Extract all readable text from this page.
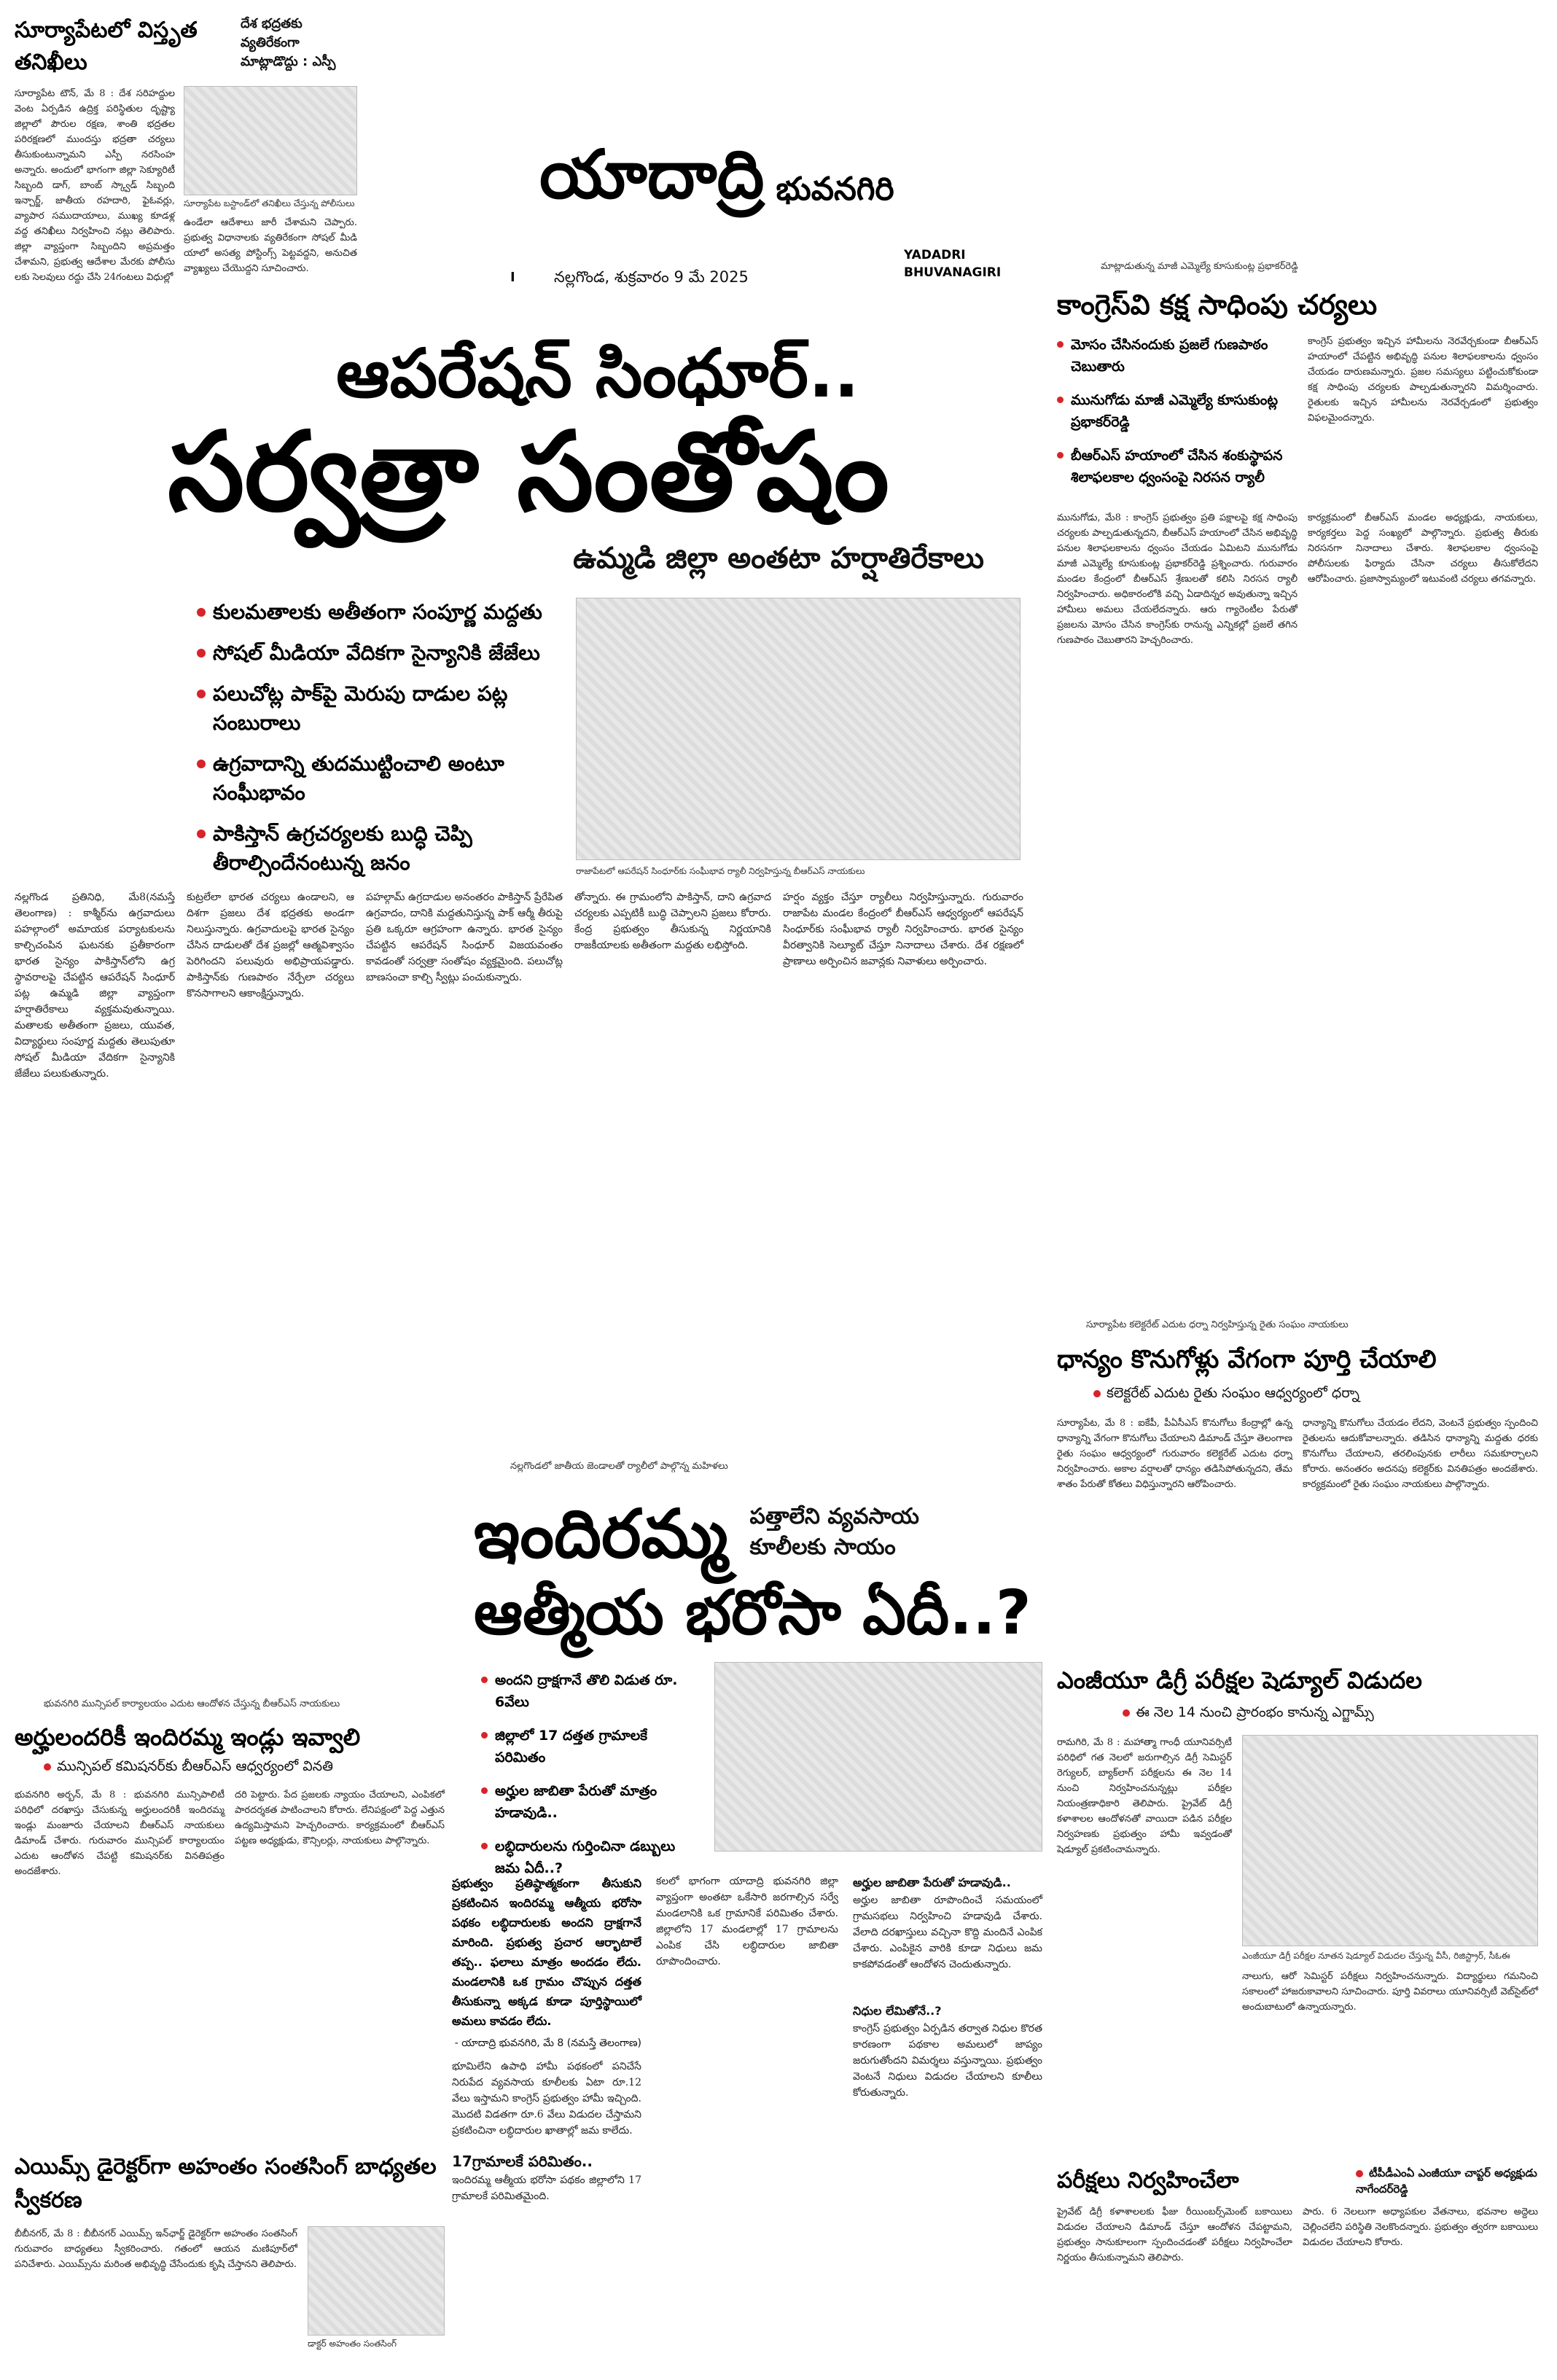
సూర్యాపేటలో విస్తృత తనిఖీలు
దేశ భద్రతకు వ్యతిరేకంగా మాట్లాడొద్దు : ఎస్పీ
సూర్యాపేట టౌన్, మే 8 : దేశ సరిహద్దుల వెంట ఏర్పడిన ఉద్రిక్త పరిస్థితుల దృష్ట్యా జిల్లాలో పౌరుల రక్షణ, శాంతి భద్రతల పరిరక్షణలో ముందస్తు భద్రతా చర్యలు తీసుకుంటున్నామని ఎస్పీ నరసింహ అన్నారు. అందులో భాగంగా జిల్లా సెక్యూరిటీ సిబ్బంది డాగ్, బాంబ్ స్క్వాడ్ సిబ్బంది ఇన్చార్జ్, జాతీయ రహదారి, ఫైఓవర్లు, వ్యాపార సముదాయాలు, ముఖ్య కూడళ్ల వద్ద తనిఖీలు నిర్వహించి నట్లు తెలిపారు. జిల్లా వ్యాప్తంగా సిబ్బందిని అప్రమత్తం చేశామని, ప్రభుత్వ ఆదేశాల మేరకు పోలీసు లకు సెలవులు రద్దు చేసి 24గంటలు విధుల్లో
సూర్యాపేట బస్టాండ్‌లో తనిఖీలు చేస్తున్న పోలీసులు
ఉండేలా ఆదేశాలు జారీ చేశామని చెప్పారు. ప్రభుత్వ విధానాలకు వ్యతిరేకంగా సోషల్ మీడి యాలో అసత్య పోస్టింగ్స్ పెట్టవద్దని, అనుచిత వ్యాఖ్యలు చేయొద్దని సూచించారు.
యాదాద్రి భువనగిరి
YADADRI BHUVANAGIRI
I	నల్లగొండ, శుక్రవారం 9 మే 2025
ఆపరేషన్ సింధూర్..
సర్వత్రా సంతోషం
ఉమ్మడి జిల్లా అంతటా హర్షాతిరేకాలు
కులమతాలకు అతీతంగా సంపూర్ణ మద్దతు
సోషల్ మీడియా వేదికగా సైన్యానికి జేజేలు
పలుచోట్ల పాక్‌పై మెరుపు దాడుల పట్ల సంబురాలు
ఉగ్రవాదాన్ని తుదముట్టించాలి అంటూ సంఘీభావం
పాకిస్తాన్ ఉగ్రచర్యలకు బుద్ధి చెప్పి తీరాల్సిందేనంటున్న జనం	రాజాపేటలో ఆపరేషన్ సింధూర్‌కు సంఘీభావ ర్యాలీ నిర్వహిస్తున్న బీఆర్ఎస్ నాయకులు
నల్లగొండ ప్రతినిధి, మే8(నమస్తే తెలంగాణ) : కాశ్మీర్‌ను ఉగ్రవాదులు పహల్గాంలో అమాయక పర్యాటకులను కాల్చిచంపిన ఘటనకు ప్రతీకారంగా భారత సైన్యం పాకిస్తాన్‌లోని ఉగ్ర స్థావరాలపై చేపట్టిన ఆపరేషన్ సింధూర్ పట్ల ఉమ్మడి జిల్లా వ్యాప్తంగా హర్షాతిరేకాలు వ్యక్తమవుతున్నాయి. మతాలకు అతీతంగా ప్రజలు, యువత, విద్యార్థులు సంపూర్ణ మద్దతు తెలుపుతూ సోషల్ మీడియా వేదికగా సైన్యానికి జేజేలు పలుకుతున్నారు.
కుట్రలేలా భారత చర్యలు ఉండాలని, ఆ దిశగా ప్రజలు దేశ భద్రతకు అండగా నిలుస్తున్నారు. ఉగ్రవాదులపై భారత సైన్యం చేసిన దాడులతో దేశ ప్రజల్లో ఆత్మవిశ్వాసం పెరిగిందని పలువురు అభిప్రాయపడ్డారు. పాకిస్తాన్‌కు గుణపాఠం నేర్పేలా చర్యలు కొనసాగాలని ఆకాంక్షిస్తున్నారు.
పహల్గామ్ ఉగ్రదాడుల అనంతరం పాకిస్తాన్ ప్రేరేపిత ఉగ్రవాదం, దానికి మద్దతునిస్తున్న పాక్ ఆర్మీ తీరుపై ప్రతి ఒక్కరూ ఆగ్రహంగా ఉన్నారు. భారత సైన్యం చేపట్టిన ఆపరేషన్ సింధూర్ విజయవంతం కావడంతో సర్వత్రా సంతోషం వ్యక్తమైంది. పలుచోట్ల బాణసంచా కాల్చి స్వీట్లు పంచుకున్నారు.
తోన్నారు. ఈ గ్రామంలోని పాకిస్తాన్, దాని ఉగ్రవాద చర్యలకు ఎప్పటికీ బుద్ధి చెప్పాలని ప్రజలు కోరారు. కేంద్ర ప్రభుత్వం తీసుకున్న నిర్ణయానికి రాజకీయాలకు అతీతంగా మద్దతు లభిస్తోంది.
హర్షం వ్యక్తం చేస్తూ ర్యాలీలు నిర్వహిస్తున్నారు. గురువారం రాజాపేట మండల కేంద్రంలో బీఆర్ఎస్ ఆధ్వర్యంలో ఆపరేషన్ సింధూర్‌కు సంఘీభావ ర్యాలీ నిర్వహించారు. భారత సైన్యం వీరత్వానికి సెల్యూట్ చేస్తూ నినాదాలు చేశారు. దేశ రక్షణలో ప్రాణాలు అర్పించిన జవాన్లకు నివాళులు అర్పించారు.
మాట్లాడుతున్న మాజీ ఎమ్మెల్యే కూసుకుంట్ల ప్రభాకర్‌రెడ్డి
కాంగ్రెస్‌వి కక్ష సాధింపు చర్యలు
మోసం చేసినందుకు ప్రజలే గుణపాఠం చెబుతారు
మునుగోడు మాజీ ఎమ్మెల్యే కూసుకుంట్ల ప్రభాకర్‌రెడ్డి
బీఆర్ఎస్ హయాంలో చేసిన శంకుస్థాపన శిలాఫలకాల ధ్వంసంపై నిరసన ర్యాలీ
కాంగ్రెస్ ప్రభుత్వం ఇచ్చిన హామీలను నెరవేర్చకుండా బీఆర్ఎస్ హయాంలో చేపట్టిన అభివృద్ధి పనుల శిలాఫలకాలను ధ్వంసం చేయడం దారుణమన్నారు. ప్రజల సమస్యలు పట్టించుకోకుండా కక్ష సాధింపు చర్యలకు పాల్పడుతున్నారని విమర్శించారు. రైతులకు ఇచ్చిన హామీలను నెరవేర్చడంలో ప్రభుత్వం విఫలమైందన్నారు.
మునుగోడు, మే8 : కాంగ్రెస్ ప్రభుత్వం ప్రతి పక్షాలపై కక్ష సాధింపు చర్యలకు పాల్పడుతున్నదని, బీఆర్ఎస్ హయాంలో చేసిన అభివృద్ధి పనుల శిలాఫలకాలను ధ్వంసం చేయడం ఏమిటని మునుగోడు మాజీ ఎమ్మెల్యే కూసుకుంట్ల ప్రభాకర్‌రెడ్డి ప్రశ్నించారు. గురువారం మండల కేంద్రంలో బీఆర్ఎస్ శ్రేణులతో కలిసి నిరసన ర్యాలీ నిర్వహించారు. అధికారంలోకి వచ్చి ఏడాదిన్నర అవుతున్నా ఇచ్చిన హామీలు అమలు చేయలేదన్నారు. ఆరు గ్యారెంటీల పేరుతో ప్రజలను మోసం చేసిన కాంగ్రెస్‌కు రానున్న ఎన్నికల్లో ప్రజలే తగిన గుణపాఠం చెబుతారని హెచ్చరించారు.
కార్యక్రమంలో బీఆర్ఎస్ మండల అధ్యక్షుడు, నాయకులు, కార్యకర్తలు పెద్ద సంఖ్యలో పాల్గొన్నారు. ప్రభుత్వ తీరుకు నిరసనగా నినాదాలు చేశారు. శిలాఫలకాల ధ్వంసంపై పోలీసులకు ఫిర్యాదు చేసినా చర్యలు తీసుకోలేదని ఆరోపించారు. ప్రజాస్వామ్యంలో ఇటువంటి చర్యలు తగవన్నారు.
సూర్యాపేట కలెక్టరేట్ ఎదుట ధర్నా నిర్వహిస్తున్న రైతు సంఘం నాయకులు
ధాన్యం కొనుగోళ్లు వేగంగా పూర్తి చేయాలి
కలెక్టరేట్ ఎదుట రైతు సంఘం ఆధ్వర్యంలో ధర్నా
సూర్యాపేట, మే 8 : ఐకేపీ, పీఏసీఎస్ కొనుగోలు కేంద్రాల్లో ఉన్న ధాన్యాన్ని వేగంగా కొనుగోలు చేయాలని డిమాండ్ చేస్తూ తెలంగాణ రైతు సంఘం ఆధ్వర్యంలో గురువారం కలెక్టరేట్ ఎదుట ధర్నా నిర్వహించారు. అకాల వర్షాలతో ధాన్యం తడిసిపోతున్నదని, తేమ శాతం పేరుతో కోతలు విధిస్తున్నారని ఆరోపించారు.
ధాన్యాన్ని కొనుగోలు చేయడం లేదని, వెంటనే ప్రభుత్వం స్పందించి రైతులను ఆదుకోవాలన్నారు. తడిసిన ధాన్యాన్ని మద్దతు ధరకు కొనుగోలు చేయాలని, తరలింపునకు లారీలు సమకూర్చాలని కోరారు. అనంతరం అదనపు కలెక్టర్‌కు వినతిపత్రం అందజేశారు. కార్యక్రమంలో రైతు సంఘం నాయకులు పాల్గొన్నారు.
ఎంజీయూ డిగ్రీ పరీక్షల షెడ్యూల్ విడుదల
ఈ నెల 14 నుంచి ప్రారంభం కానున్న ఎగ్జామ్స్
రామగిరి, మే 8 : మహాత్మా గాంధీ యూనివర్సిటీ పరిధిలో గత నెలలో జరుగాల్సిన డిగ్రీ సెమిస్టర్ రెగ్యులర్, బ్యాక్‌లాగ్ పరీక్షలను ఈ నెల 14 నుంచి నిర్వహించనున్నట్లు పరీక్షల నియంత్రణాధికారి తెలిపారు. ప్రైవేట్ డిగ్రీ కళాశాలల ఆందోళనతో వాయిదా పడిన పరీక్షల నిర్వహణకు ప్రభుత్వం హామీ ఇవ్వడంతో షెడ్యూల్ ప్రకటించామన్నారు.
ఎంజీయూ డిగ్రీ పరీక్షల నూతన షెడ్యూల్ విడుదల చేస్తున్న వీసీ, రిజిస్ట్రార్, సీఓఈ
నాలుగు, ఆరో సెమిస్టర్ పరీక్షలు నిర్వహించనున్నారు. విద్యార్థులు గమనించి సకాలంలో హాజరుకావాలని సూచించారు. పూర్తి వివరాలు యూనివర్సిటీ వెబ్‌సైట్‌లో అందుబాటులో ఉన్నాయన్నారు.
పరీక్షలు నిర్వహించేలా	టీపీడీఎంఏ ఎంజీయూ చాప్టర్ అధ్యక్షుడు నాగేందర్‌రెడ్డి
ప్రైవేట్ డిగ్రీ కళాశాలలకు ఫీజు రీయింబర్స్‌మెంట్ బకాయిలు విడుదల చేయాలని డిమాండ్ చేస్తూ ఆందోళన చేపట్టామని, ప్రభుత్వం సానుకూలంగా స్పందించడంతో పరీక్షలు నిర్వహించేలా నిర్ణయం తీసుకున్నామని తెలిపారు.
పారు. 6 నెలలుగా అధ్యాపకుల వేతనాలు, భవనాల అద్దెలు చెల్లించలేని పరిస్థితి నెలకొందన్నారు. ప్రభుత్వం త్వరగా బకాయిలు విడుదల చేయాలని కోరారు.
నల్లగొండలో జాతీయ జెండాలతో ర్యాలీలో పాల్గొన్న మహిళలు
ఇందిరమ్మ పత్తాలేని వ్యవసాయ కూలీలకు సాయం
ఆత్మీయ భరోసా ఏదీ..?
అందని ద్రాక్షగానే తొలి విడుత రూ. 6వేలు
జిల్లాలో 17 దత్తత గ్రామాలకే పరిమితం
అర్హుల జాబితా పేరుతో మాత్రం హడావుడి..
లబ్ధిదారులను గుర్తించినా డబ్బులు జమ ఏదీ..?
ప్రభుత్వం ప్రతిష్ఠాత్మకంగా తీసుకుని ప్రకటించిన ఇందిరమ్మ ఆత్మీయ భరోసా పథకం లబ్ధిదారులకు అందని ద్రాక్షగానే మారింది. ప్రభుత్వ ప్రచార ఆర్భాటాలే తప్ప.. ఫలాలు మాత్రం అందడం లేదు. మండలానికి ఒక గ్రామం చొప్పున దత్తత తీసుకున్నా అక్కడ కూడా పూర్తిస్థాయిలో అమలు కావడం లేదు.
- యాదాద్రి భువనగిరి, మే 8 (నమస్తే తెలంగాణ)
భూమిలేని ఉపాధి హామీ పథకంలో పనిచేసే నిరుపేద వ్యవసాయ కూలీలకు ఏటా రూ.12 వేలు ఇస్తామని కాంగ్రెస్ ప్రభుత్వం హామీ ఇచ్చింది. మొదటి విడతగా రూ.6 వేలు విడుదల చేస్తామని ప్రకటించినా లబ్ధిదారుల ఖాతాల్లో జమ కాలేదు.
17గ్రామాలకే పరిమితం..
ఇందిరమ్మ ఆత్మీయ భరోసా పథకం జిల్లాలోని 17 గ్రామాలకే పరిమితమైంది.
కలలో భాగంగా యాదాద్రి భువనగిరి జిల్లా వ్యాప్తంగా అంతటా ఒకేసారి జరగాల్సిన సర్వే మండలానికి ఒక గ్రామానికే పరిమితం చేశారు. జిల్లాలోని 17 మండలాల్లో 17 గ్రామాలను ఎంపిక చేసి లబ్ధిదారుల జాబితా రూపొందించారు.
అర్హుల జాబితా పేరుతో హడావుడి..
అర్హుల జాబితా రూపొందించే సమయంలో గ్రామసభలు నిర్వహించి హడావుడి చేశారు. వేలాది దరఖాస్తులు వచ్చినా కొద్ది మందినే ఎంపిక చేశారు. ఎంపికైన వారికి కూడా నిధులు జమ కాకపోవడంతో ఆందోళన చెందుతున్నారు.
నిధుల లేమితోనే..?
కాంగ్రెస్ ప్రభుత్వం ఏర్పడిన తర్వాత నిధుల కొరత కారణంగా పథకాల అమలులో జాప్యం జరుగుతోందని విమర్శలు వస్తున్నాయి. ప్రభుత్వం వెంటనే నిధులు విడుదల చేయాలని కూలీలు కోరుతున్నారు.
భువనగిరి మున్సిపల్ కార్యాలయం ఎదుట ఆందోళన చేస్తున్న బీఆర్ఎస్ నాయకులు
అర్హులందరికీ ఇందిరమ్మ ఇండ్లు ఇవ్వాలి
మున్సిపల్ కమిషనర్‌కు బీఆర్ఎస్ ఆధ్వర్యంలో వినతి
భువనగిరి అర్బన్, మే 8 : భువనగిరి మున్సిపాలిటీ పరిధిలో దరఖాస్తు చేసుకున్న అర్హులందరికీ ఇందిరమ్మ ఇండ్లు మంజూరు చేయాలని బీఆర్ఎస్ నాయకులు డిమాండ్ చేశారు. గురువారం మున్సిపల్ కార్యాలయం ఎదుట ఆందోళన చేపట్టి కమిషనర్‌కు వినతిపత్రం అందజేశారు.
దరి పెట్టారు. పేద ప్రజలకు న్యాయం చేయాలని, ఎంపికలో పారదర్శకత పాటించాలని కోరారు. లేనిపక్షంలో పెద్ద ఎత్తున ఉద్యమిస్తామని హెచ్చరించారు. కార్యక్రమంలో బీఆర్ఎస్ పట్టణ అధ్యక్షుడు, కౌన్సిలర్లు, నాయకులు పాల్గొన్నారు.
ఎయిమ్స్ డైరెక్టర్‌గా అహంతం సంతసింగ్ బాధ్యతల స్వీకరణ
బీబీనగర్, మే 8 : బీబీనగర్ ఎయిమ్స్ ఇన్‌ఛార్జ్ డైరెక్టర్‌గా అహంతం సంతసింగ్ గురువారం బాధ్యతలు స్వీకరించారు. గతంలో ఆయన మణిపూర్‌లో పనిచేశారు. ఎయిమ్స్‌ను మరింత అభివృద్ధి చేసేందుకు కృషి చేస్తానని తెలిపారు.
డాక్టర్ అహంతం సంతసింగ్
